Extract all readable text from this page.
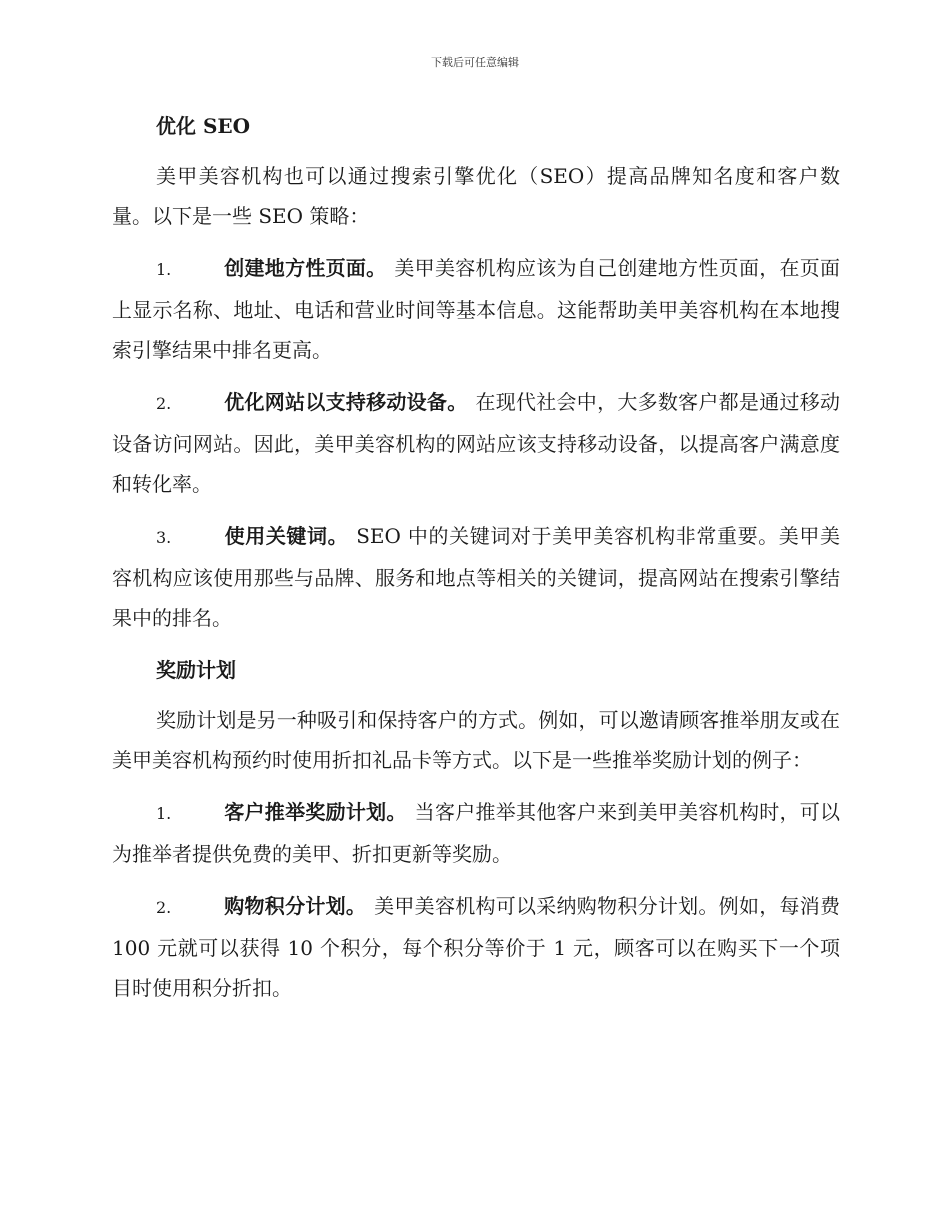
下载后可任意编辑
优化 SEO

美甲美容机构也可以通过搜索引擎优化（SEO）提高品牌知名度和客户数量。以下是一些 SEO 策略：

1.	创建地方性页面。 美甲美容机构应该为自己创建地方性页面，在页面上显示名称、地址、电话和营业时间等基本信息。这能帮助美甲美容机构在本地搜索引擎结果中排名更高。

2.	优化网站以支持移动设备。 在现代社会中，大多数客户都是通过移动设备访问网站。因此，美甲美容机构的网站应该支持移动设备，以提高客户满意度和转化率。

3.	使用关键词。 SEO 中的关键词对于美甲美容机构非常重要。美甲美容机构应该使用那些与品牌、服务和地点等相关的关键词，提高网站在搜索引擎结果中的排名。

奖励计划

奖励计划是另一种吸引和保持客户的方式。例如，可以邀请顾客推举朋友或在美甲美容机构预约时使用折扣礼品卡等方式。以下是一些推举奖励计划的例子：

1.	客户推举奖励计划。 当客户推举其他客户来到美甲美容机构时，可以为推举者提供免费的美甲、折扣更新等奖励。

2.	购物积分计划。 美甲美容机构可以采纳购物积分计划。例如，每消费 100 元就可以获得 10 个积分，每个积分等价于 1 元，顾客可以在购买下一个项目时使用积分折扣。
